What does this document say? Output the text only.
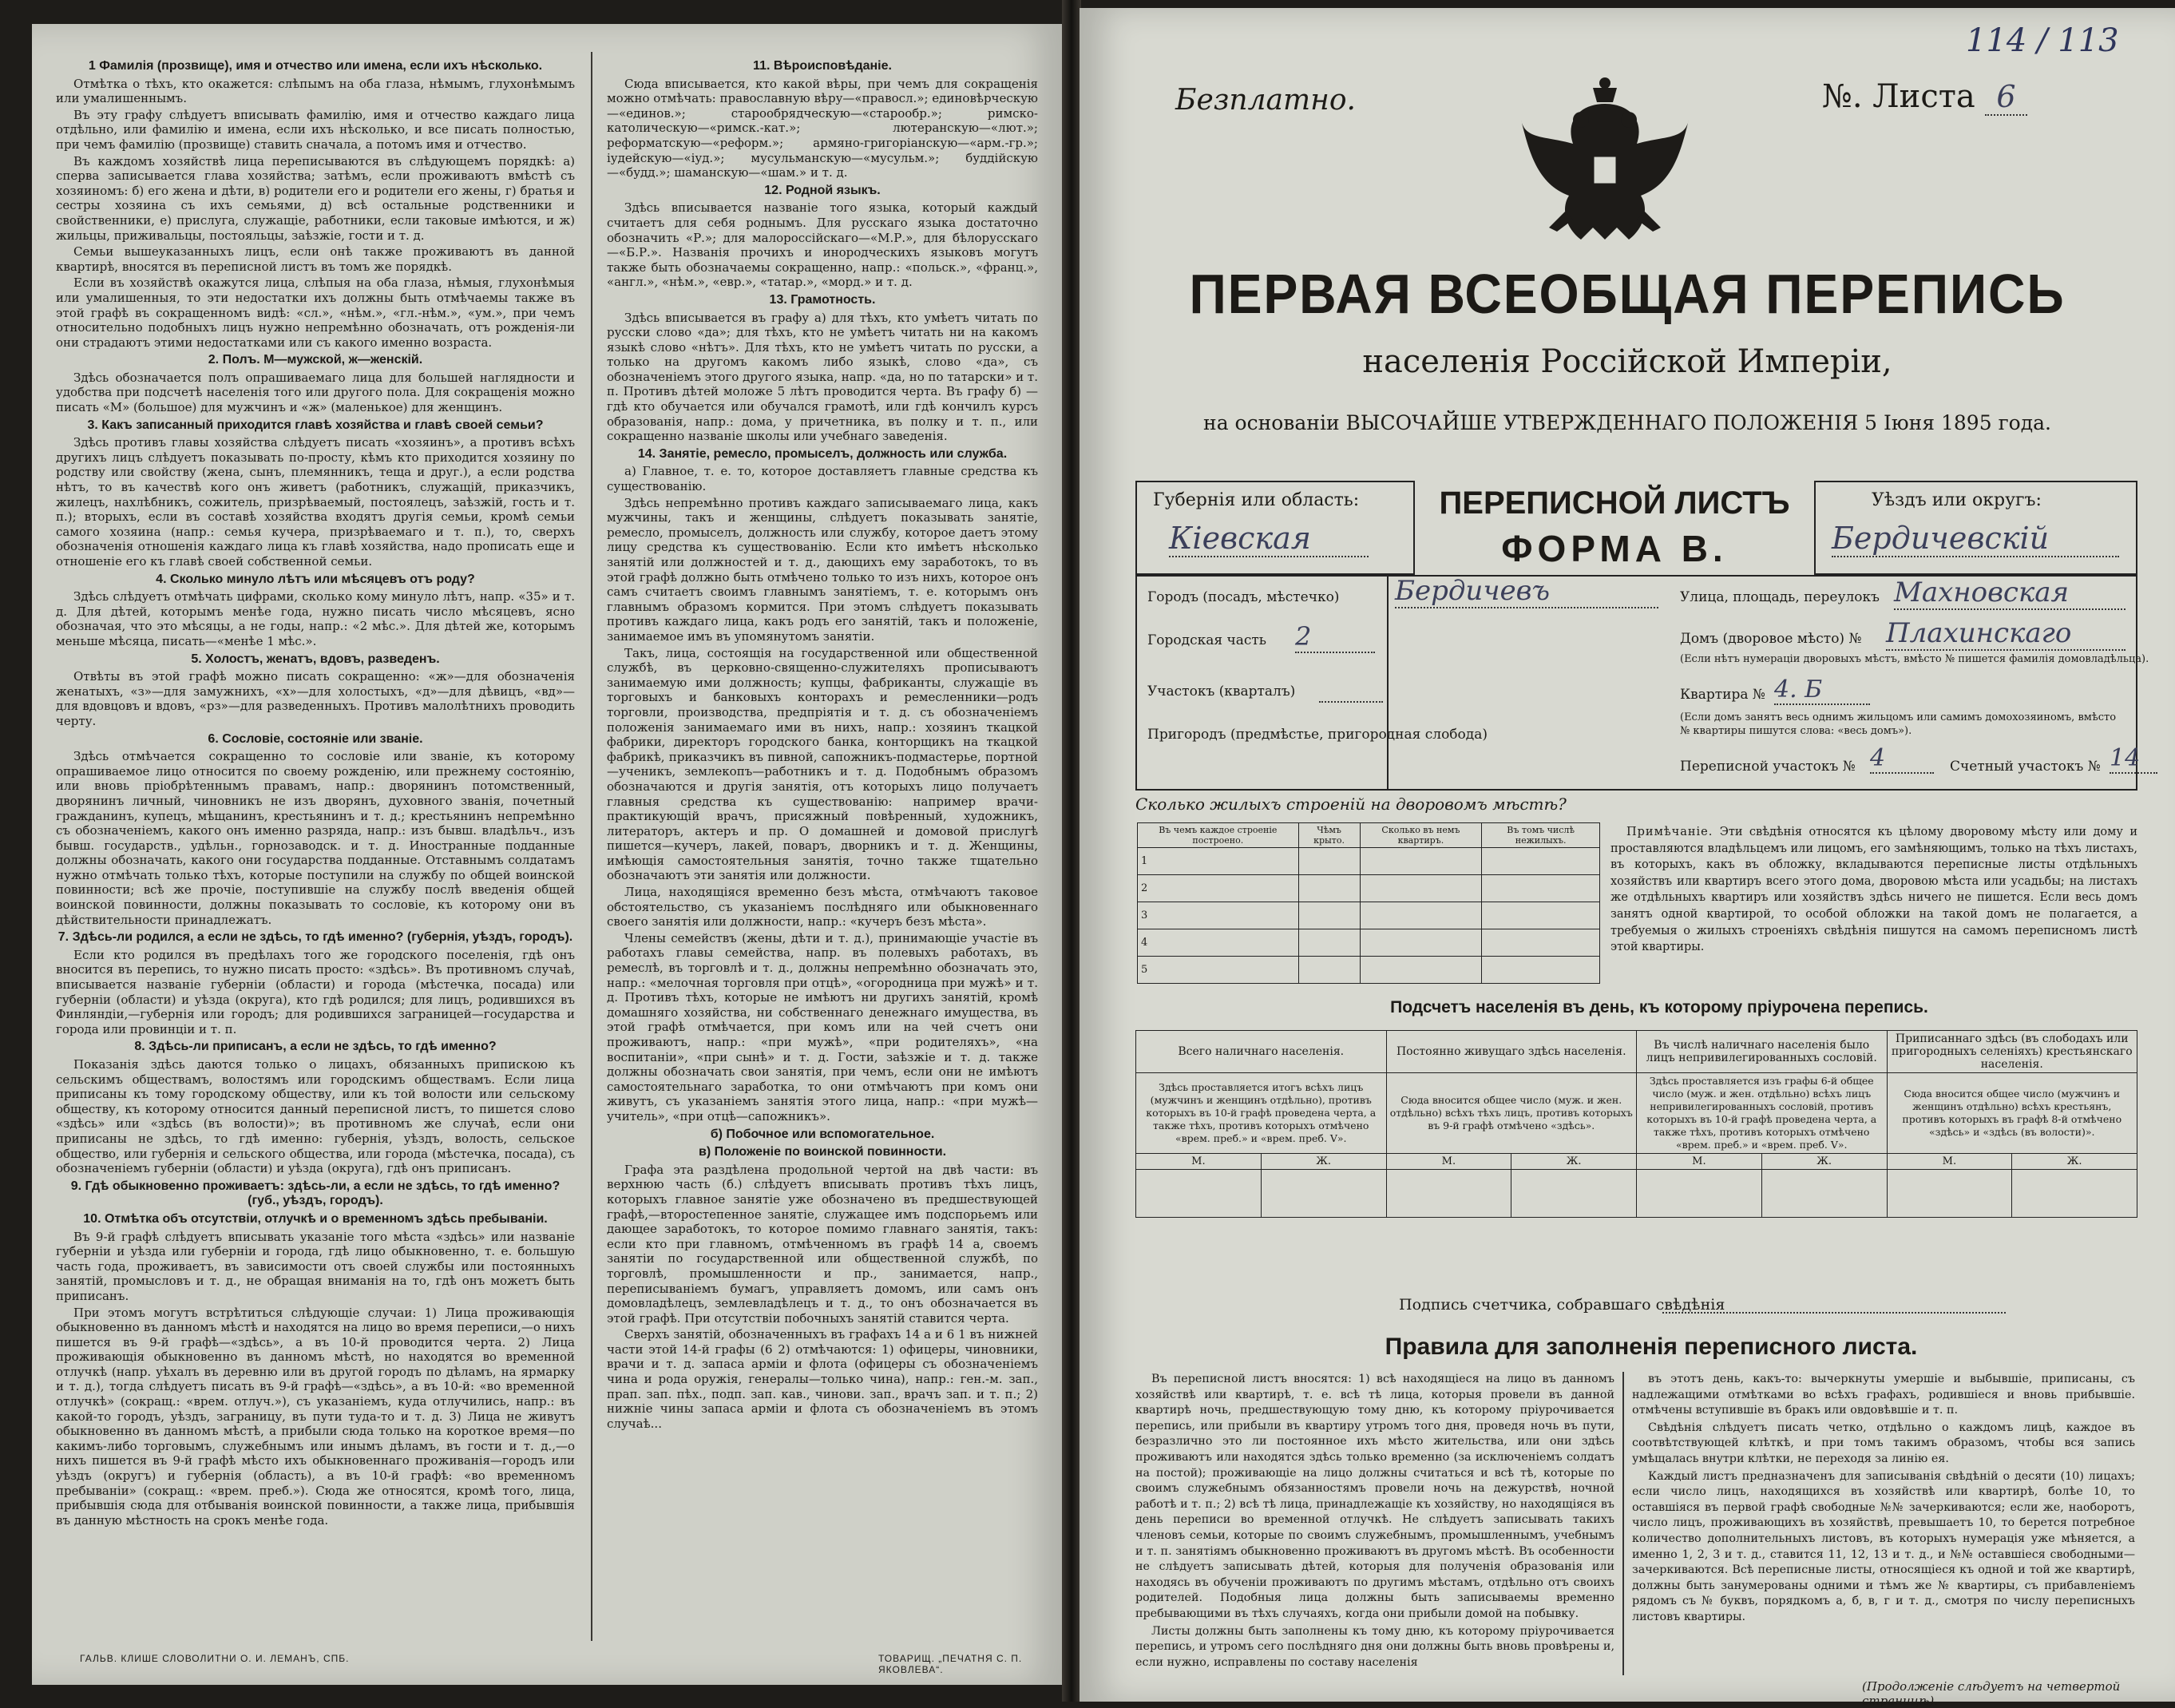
1 Фамилія (прозвище), имя и отчество или имена, если ихъ нѣсколько.

Отмѣтка о тѣхъ, кто окажется: слѣпымъ на оба глаза, нѣмымъ, глухонѣмымъ или умалишеннымъ.

Въ эту графу слѣдуетъ вписывать фамилію, имя и отчество каждаго лица отдѣльно, или фамилію и имена, если ихъ нѣсколько, и все писать полностью, при чемъ фамилію (прозвище) ставить сначала, а потомъ имя и отчество.

Въ каждомъ хозяйствѣ лица переписываются въ слѣдующемъ порядкѣ: а) сперва записывается глава хозяйства; затѣмъ, если проживаютъ вмѣстѣ съ хозяиномъ: б) его жена и дѣти, в) родители его и родители его жены, г) братья и сестры хозяина съ ихъ семьями, д) всѣ остальные родственники и свойственники, е) прислуга, служащіе, работники, если таковые имѣются, и ж) жильцы, приживальцы, постояльцы, заѣзжіе, гости и т. д.

Семьи вышеуказанныхъ лицъ, если онѣ также проживаютъ въ данной квартирѣ, вносятся въ переписной листъ въ томъ же порядкѣ.

Если въ хозяйствѣ окажутся лица, слѣпыя на оба глаза, нѣмыя, глухонѣмыя или умалишенныя, то эти недостатки ихъ должны быть отмѣчаемы также въ этой графѣ въ сокращенномъ видѣ: «сл.», «нѣм.», «гл.-нѣм.», «ум.», при чемъ относительно подобныхъ лицъ нужно непремѣнно обозначать, отъ рожденія-ли они страдаютъ этими недостатками или съ какого именно возраста.

2. Полъ. М—мужской, ж—женскій.

Здѣсь обозначается полъ опрашиваемаго лица для большей наглядности и удобства при подсчетѣ населенія того или другого пола. Для сокращенія можно писать «М» (большое) для мужчинъ и «ж» (маленькое) для женщинъ.

3. Какъ записанный приходится главѣ хозяйства и главѣ своей семьи?

Здѣсь противъ главы хозяйства слѣдуетъ писать «хозяинъ», а противъ всѣхъ другихъ лицъ слѣдуетъ показывать по-просту, кѣмъ кто приходится хозяину по родству или свойству (жена, сынъ, племянникъ, теща и друг.), а если родства нѣтъ, то въ качествѣ кого онъ живетъ (работникъ, служащій, приказчикъ, жилецъ, нахлѣбникъ, сожитель, призрѣваемый, постоялецъ, заѣзжій, гость и т. п.); вторыхъ, если въ составѣ хозяйства входятъ другія семьи, кромѣ семьи самого хозяина (напр.: семья кучера, призрѣваемаго и т. п.), то, сверхъ обозначенія отношенія каждаго лица къ главѣ хозяйства, надо прописать еще и отношеніе его къ главѣ своей собственной семьи.

4. Сколько минуло лѣтъ или мѣсяцевъ отъ роду?

Здѣсь слѣдуетъ отмѣчать цифрами, сколько кому минуло лѣтъ, напр. «35» и т. д. Для дѣтей, которымъ менѣе года, нужно писать число мѣсяцевъ, ясно обозначая, что это мѣсяцы, а не годы, напр.: «2 мѣс.». Для дѣтей же, которымъ меньше мѣсяца, писать—«менѣе 1 мѣс.».

5. Холостъ, женатъ, вдовъ, разведенъ.

Отвѣты въ этой графѣ можно писать сокращенно: «ж»—для обозначенія женатыхъ, «з»—для замужнихъ, «х»—для холостыхъ, «д»—для дѣвицъ, «вд»—для вдовцовъ и вдовъ, «рз»—для разведенныхъ. Противъ малолѣтнихъ проводить черту.

6. Сословіе, состояніе или званіе.

Здѣсь отмѣчается сокращенно то сословіе или званіе, къ которому опрашиваемое лицо относится по своему рожденію, или прежнему состоянію, или вновь пріобрѣтеннымъ правамъ, напр.: дворянинъ потомственный, дворянинъ личный, чиновникъ не изъ дворянъ, духовного званія, почетный гражданинъ, купецъ, мѣщанинъ, крестьянинъ и т. д.; крестьянинъ непремѣнно съ обозначеніемъ, какого онъ именно разряда, напр.: изъ бывш. владѣльч., изъ бывш. государств., удѣльн., горнозаводск. и т. д. Иностранные подданные должны обозначать, какого они государства подданные. Отставнымъ солдатамъ нужно отмѣчать только тѣхъ, которые поступили на службу по общей воинской повинности; всѣ же прочіе, поступившіе на службу послѣ введенія общей воинской повинности, должны показывать то сословіе, къ которому они въ дѣйствительности принадлежатъ.

7. Здѣсь-ли родился, а если не здѣсь, то гдѣ именно? (губернія, уѣздъ, городъ).

Если кто родился въ предѣлахъ того же городского поселенія, гдѣ онъ вносится въ перепись, то нужно писать просто: «здѣсь». Въ противномъ случаѣ, вписывается названіе губерніи (области) и города (мѣстечка, посада) или губерніи (области) и уѣзда (округа), кто гдѣ родился; для лицъ, родившихся въ Финляндіи,—губернія или городъ; для родившихся заграницей—государства и города или провинціи и т. п.

8. Здѣсь-ли приписанъ, а если не здѣсь, то гдѣ именно?

Показанія здѣсь даются только о лицахъ, обязанныхъ припискою къ сельскимъ обществамъ, волостямъ или городскимъ обществамъ. Если лица приписаны къ тому городскому обществу, или къ той волости или сельскому обществу, къ которому относится данный переписной листъ, то пишется слово «здѣсь» или «здѣсь (въ волости)»; въ противномъ же случаѣ, если они приписаны не здѣсь, то гдѣ именно: губернія, уѣздъ, волость, сельское общество, или губернія и сельского общества, или города (мѣстечка, посада), съ обозначеніемъ губерніи (области) и уѣзда (округа), гдѣ онъ приписанъ.

9. Гдѣ обыкновенно проживаетъ: здѣсь-ли, а если не здѣсь, то гдѣ именно? (губ., уѣздъ, городъ).
10. Отмѣтка объ отсутствіи, отлучкѣ и о временномъ здѣсь пребываніи.

Въ 9-й графѣ слѣдуетъ вписывать указаніе того мѣста «здѣсь» или названіе губерніи и уѣзда или губерніи и города, гдѣ лицо обыкновенно, т. е. большую часть года, проживаетъ, въ зависимости отъ своей службы или постоянныхъ занятій, промысловъ и т. д., не обращая вниманія на то, гдѣ онъ можетъ быть приписанъ.

При этомъ могутъ встрѣтиться слѣдующіе случаи: 1) Лица проживающія обыкновенно въ данномъ мѣстѣ и находятся на лицо во время переписи,—о нихъ пишется въ 9-й графѣ—«здѣсь», а въ 10-й проводится черта. 2) Лица проживающія обыкновенно въ данномъ мѣстѣ, но находятся во временной отлучкѣ (напр. уѣхалъ въ деревню или въ другой городъ по дѣламъ, на ярмарку и т. д.), тогда слѣдуетъ писать въ 9-й графѣ—«здѣсь», а въ 10-й: «во временной отлучкѣ» (сокращ.: «врем. отлуч.»), съ указаніемъ, куда отлучились, напр.: въ какой-то городъ, уѣздъ, заграницу, въ пути туда-то и т. д. 3) Лица не живутъ обыкновенно въ данномъ мѣстѣ, а прибыли сюда только на короткое время—по какимъ-либо торговымъ, служебнымъ или инымъ дѣламъ, въ гости и т. д.,—о нихъ пишется въ 9-й графѣ мѣсто ихъ обыкновеннаго проживанія—городъ или уѣздъ (округъ) и губернія (область), а въ 10-й графѣ: «во временномъ пребываніи» (сокращ.: «врем. преб.»). Сюда же относятся, кромѣ того, лица, прибывшія сюда для отбыванія воинской повинности, а также лица, прибывшія въ данную мѣстность на срокъ менѣе года.

11. Вѣроисповѣданіе.

Сюда вписывается, кто какой вѣры, при чемъ для сокращенія можно отмѣчать: православную вѣру—«правосл.»; единовѣрческую—«единов.»; старообрядческую—«старообр.»; римско-католическую—«римск.-кат.»; лютеранскую—«лют.»; реформатскую—«реформ.»; армяно-григоріанскую—«арм.-гр.»; іудейскую—«іуд.»; мусульманскую—«мусульм.»; буддійскую—«будд.»; шаманскую—«шам.» и т. д.

12. Родной языкъ.

Здѣсь вписывается названіе того языка, который каждый считаетъ для себя роднымъ. Для русскаго языка достаточно обозначить «Р.»; для малороссійскаго—«М.Р.», для бѣлорусскаго—«Б.Р.». Названія прочихъ и инородческихъ языковъ могутъ также быть обозначаемы сокращенно, напр.: «польск.», «франц.», «англ.», «нѣм.», «евр.», «татар.», «морд.» и т. д.

13. Грамотность.

Здѣсь вписывается въ графу а) для тѣхъ, кто умѣетъ читать по русски слово «да»; для тѣхъ, кто не умѣетъ читать ни на какомъ языкѣ слово «нѣтъ». Для тѣхъ, кто не умѣетъ читать по русски, а только на другомъ какомъ либо языкѣ, слово «да», съ обозначеніемъ этого другого языка, напр. «да, но по татарски» и т. п. Противъ дѣтей моложе 5 лѣтъ проводится черта. Въ графу б) — гдѣ кто обучается или обучался грамотѣ, или гдѣ кончилъ курсъ образованія, напр.: дома, у причетника, въ полку и т. п., или сокращенно названіе школы или учебнаго заведенія.

14. Занятіе, ремесло, промыселъ, должность или служба.

а) Главное, т. е. то, которое доставляетъ главные средства къ существованію.

Здѣсь непремѣнно противъ каждаго записываемаго лица, какъ мужчины, такъ и женщины, слѣдуетъ показывать занятіе, ремесло, промыселъ, должность или службу, которое даетъ этому лицу средства къ существованію. Если кто имѣетъ нѣсколько занятій или должностей и т. д., дающихъ ему заработокъ, то въ этой графѣ должно быть отмѣчено только то изъ нихъ, которое онъ самъ считаетъ своимъ главнымъ занятіемъ, т. е. которымъ онъ главнымъ образомъ кормится. При этомъ слѣдуетъ показывать противъ каждаго лица, какъ родъ его занятій, такъ и положеніе, занимаемое имъ въ упомянутомъ занятіи.

Такъ, лица, состоящія на государственной или общественной службѣ, въ церковно-священно-служителяхъ прописываютъ занимаемую ими должность; купцы, фабриканты, служащіе въ торговыхъ и банковыхъ конторахъ и ремесленники—родъ торговли, производства, предпріятія и т. д. съ обозначеніемъ положенія занимаемаго ими въ нихъ, напр.: хозяинъ ткацкой фабрики, директоръ городского банка, конторщикъ на ткацкой фабрикѣ, приказчикъ въ пивной, сапожникъ-подмастерье, портной—ученикъ, землекопъ—работникъ и т. д. Подобнымъ образомъ обозначаются и другія занятія, отъ которыхъ лицо получаетъ главныя средства къ существованію: например врачи-практикующій врачъ, присяжный повѣренный, художникъ, литераторъ, актеръ и пр. О домашней и домовой прислугѣ пишется—кучеръ, лакей, поваръ, дворникъ и т. д. Женщины, имѣющія самостоятельныя занятія, точно также тщательно обозначаютъ эти занятія или должности.

Лица, находящіяся временно безъ мѣста, отмѣчаютъ таковое обстоятельство, съ указаніемъ послѣдняго или обыкновеннаго своего занятія или должности, напр.: «кучеръ безъ мѣста».

Члены семействъ (жены, дѣти и т. д.), принимающіе участіе въ работахъ главы семейства, напр. въ полевыхъ работахъ, въ ремеслѣ, въ торговлѣ и т. д., должны непремѣнно обозначать это, напр.: «мелочная торговля при отцѣ», «огородница при мужѣ» и т. д. Противъ тѣхъ, которые не имѣютъ ни другихъ занятій, кромѣ домашняго хозяйства, ни собственнаго денежнаго имущества, въ этой графѣ отмѣчается, при комъ или на чей счетъ они проживаютъ, напр.: «при мужѣ», «при родителяхъ», «на воспитаніи», «при сынѣ» и т. д. Гости, заѣзжіе и т. д. также должны обозначать свои занятія, при чемъ, если они не имѣютъ самостоятельнаго заработка, то они отмѣчаютъ при комъ они живутъ, съ указаніемъ занятія этого лица, напр.: «при мужѣ—учитель», «при отцѣ—сапожникъ».

б) Побочное или вспомогательное.
в) Положеніе по воинской повинности.

Графа эта раздѣлена продольной чертой на двѣ части: въ верхнюю часть (б.) слѣдуетъ вписывать противъ тѣхъ лицъ, которыхъ главное занятіе уже обозначено въ предшествующей графѣ,—второстепенное занятіе, служащее имъ подспорьемъ или дающее заработокъ, то которое помимо главнаго занятія, такъ: если кто при главномъ, отмѣченномъ въ графѣ 14 а, своемъ занятіи по государственной или общественной службѣ, по торговлѣ, промышленности и пр., занимается, напр., переписываніемъ бумагъ, управляетъ домомъ, или самъ онъ домовладѣлецъ, землевладѣлецъ и т. д., то онъ обозначается въ этой графѣ. При отсутствіи побочныхъ занятій ставится черта.

Сверхъ занятій, обозначенныхъ въ графахъ 14 а и 6 1 въ нижней части этой 14-й графы (6 2) отмѣчаются: 1) офицеры, чиновники, врачи и т. д. запаса арміи и флота (офицеры съ обозначеніемъ чина и рода оружія, генералы—только чина), напр.: ген.-м. зап., прап. зап. пѣх., подп. зап. кав., чинови. зап., врачъ зап. и т. п.; 2) нижніе чины запаса арміи и флота съ обозначеніемъ въ этомъ случаѣ...

ГАЛЬВ. КЛИШЕ СЛОВОЛИТНИ О. И. ЛЕМАНЪ, СПБ.	ТОВАРИЩ. „ПЕЧАТНЯ С. П. ЯКОВЛЕВА“.
Безплатно.	№. Листа 6
114 / 113
ПЕРВАЯ ВСЕОБЩАЯ ПЕРЕПИСЬ
населенія Россійской Имперіи,
на основаніи ВЫСОЧАЙШЕ УТВЕРЖДЕННАГО ПОЛОЖЕНІЯ 5 Іюня 1895 года.
Губернія или область:
Кіевская
ПЕРЕПИСНОЙ ЛИСТЪ
ФОРМА В.
Уѣздъ или округъ:
Бердичевскій
Городъ (посадъ, мѣстечко) Бердичевъ	Улица, площадь, переулокъ Махновская
Городская часть 2	Домъ (дворовое мѣсто) № Плахинскаго
(Если нѣтъ нумераціи дворовыхъ мѣстъ, вмѣсто № пишется фамилія домовладѣльца).
Участокъ (кварталъ)	Квартира № 4. Б
Пригородъ (предмѣстье, пригородная слобода)
(Если домъ занятъ весь однимъ жильцомъ или самимъ домохозяиномъ, вмѣсто № квартиры пишутся слова: «весь домъ»).
Переписной участокъ № 4	Счетный участокъ № 14
Сколько жилыхъ строеній на дворовомъ мѣстѣ?
Въ чемъ каждое строеніе построено.	Чѣмъ крыто.	Сколько въ немъ квартиръ.	Въ томъ числѣ нежилыхъ.
1			
2			
3			
4			
5			
Примѣчаніе. Эти свѣдѣнія относятся къ цѣлому дворовому мѣсту или дому и проставляются владѣльцемъ или лицомъ, его замѣняющимъ, только на тѣхъ листахъ, въ которыхъ, какъ въ обложку, вкладываются переписные листы отдѣльныхъ хозяйствъ или квартиръ всего этого дома, дворовою мѣста или усадьбы; на листахъ же отдѣльныхъ квартиръ или хозяйствъ здѣсь ничего не пишется. Если весь домъ занятъ одной квартирой, то особой обложки на такой домъ не полагается, а требуемыя о жилыхъ строеніяхъ свѣдѣнія пишутся на самомъ переписномъ листѣ этой квартиры.
Подсчетъ населенія въ день, къ которому пріурочена перепись.
Всего наличнаго населенія.		Постоянно живущаго здѣсь населенія.		Въ числѣ наличнаго населенія было лицъ непривилегированныхъ сословій.		Приписаннаго здѣсь (въ слободахъ или пригородныхъ селеніяхъ) крестьянскаго населенія.	
Здѣсь проставляется итогъ всѣхъ лицъ (мужчинъ и женщинъ отдѣльно), противъ которыхъ въ 10-й графѣ проведена черта, а также тѣхъ, противъ которыхъ отмѣчено «врем. преб.» и «врем. преб. V».		Сюда вносится общее число (муж. и жен. отдѣльно) всѣхъ тѣхъ лицъ, противъ которыхъ въ 9-й графѣ отмѣчено «здѣсь».		Здѣсь проставляется изъ графы 6-й общее число (муж. и жен. отдѣльно) всѣхъ лицъ непривилегированныхъ сословій, противъ которыхъ въ 10-й графѣ проведена черта, а также тѣхъ, противъ которыхъ отмѣчено «врем. преб.» и «врем. преб. V».		Сюда вносится общее число (мужчинъ и женщинъ отдѣльно) всѣхъ крестьянъ, противъ которыхъ въ графѣ 8-й отмѣчено «здѣсь» и «здѣсь (въ волости)».	
М.	Ж.	М.	Ж.	М.	Ж.	М.	Ж.

Подпись счетчика, собравшаго свѣдѣнія
Правила для заполненія переписного листа.

Въ переписной листъ вносятся: 1) всѣ находящіеся на лицо въ данномъ хозяйствѣ или квартирѣ, т. е. всѣ тѣ лица, которыя провели въ данной квартирѣ ночь, предшествующую тому дню, къ которому пріурочивается перепись, или прибыли въ квартиру утромъ того дня, проведя ночь въ пути, безразлично это ли постоянное ихъ мѣсто жительства, или они здѣсь проживаютъ или находятся здѣсь только временно (за исключеніемъ солдатъ на постой); проживающіе на лицо должны считаться и всѣ тѣ, которые по своимъ служебнымъ обязанностямъ провели ночь на дежурствѣ, ночной работѣ и т. п.; 2) всѣ тѣ лица, принадлежащіе къ хозяйству, но находящіяся въ день переписи во временной отлучкѣ. Не слѣдуетъ записывать такихъ членовъ семьи, которые по своимъ служебнымъ, промышленнымъ, учебнымъ и т. п. занятіямъ обыкновенно проживаютъ въ другомъ мѣстѣ. Въ особенности не слѣдуетъ записывать дѣтей, которыя для полученія образованія или находясь въ обученіи проживаютъ по другимъ мѣстамъ, отдѣльно отъ своихъ родителей. Подобныя лица должны быть записываемы временно пребывающими въ тѣхъ случаяхъ, когда они прибыли домой на побывку.

Листы должны быть заполнены къ тому дню, къ которому пріурочивается перепись, и утромъ сего послѣдняго дня они должны быть вновь провѣрены и, если нужно, исправлены по составу населенія

въ этотъ день, какъ-то: вычеркнуты умершіе и выбывшіе, приписаны, съ надлежащими отмѣтками во всѣхъ графахъ, родившіеся и вновь прибывшіе. отмѣчены вступившіе въ бракъ или овдовѣвшіе и т. п.

Свѣдѣнія слѣдуетъ писать четко, отдѣльно о каждомъ лицѣ, каждое въ соотвѣтствующей клѣткѣ, и при томъ такимъ образомъ, чтобы вся запись умѣщалась внутри клѣтки, не переходя за линію ея.

Каждый листъ предназначенъ для записыванія свѣдѣній о десяти (10) лицахъ; если число лицъ, находящихся въ хозяйствѣ или квартирѣ, болѣе 10, то оставшіяся въ первой графѣ свободные №№ зачеркиваются; если же, наоборотъ, число лицъ, проживающихъ въ хозяйствѣ, превышаетъ 10, то берется потребное количество дополнительныхъ листовъ, въ которыхъ нумерація уже мѣняется, а именно 1, 2, 3 и т. д., ставится 11, 12, 13 и т. д., и №№ оставшіеся свободными—зачеркиваются. Всѣ переписные листы, относящіеся къ одной и той же квартирѣ, должны быть занумерованы одними и тѣмъ же № квартиры, съ прибавленіемъ рядомъ съ № буквъ, порядкомъ а, б, в, г и т. д., смотря по числу переписныхъ листовъ квартиры.

(Продолженіе слѣдуетъ на четвертой страницѣ).
